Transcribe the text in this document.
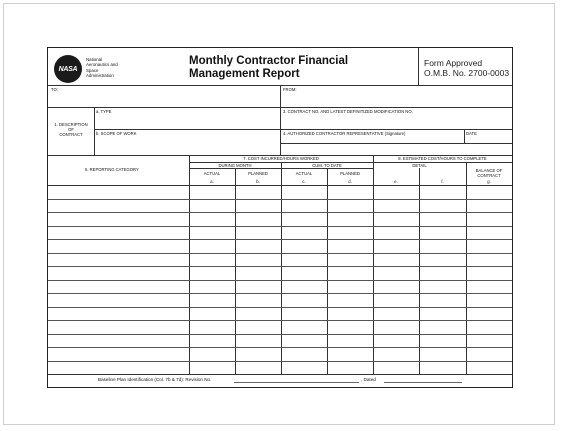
NASA
National
Aeronautics and
Space
Administration
Monthly Contractor Financial
Management Report
Form Approved
O.M.B. No. 2700-0003
TO:	FROM:
a. TYPE	3. CONTRACT NO. AND LATEST DEFINITIZED MODIFICATION NO.
1. DESCRIPTION
OF
CONTRACT	b. SCOPE OF WORK	4. AUTHORIZED CONTRACTOR REPRESENTATIVE (Signature)	DATE
5. REPORTING CATEGORY
7. COST INCURRED/HOURS WORKED	8. ESTIMATED COST/HOURS TO COMPLETE
DURING MONTH	CUM. TO DATE	DETAIL
BALANCE OF
CONTRACT
ACTUAL	PLANNED	ACTUAL	PLANNED
a.	b.	c.	d.	e.	f.	g.
Baseline Plan Identification (Col. 7b & 7d): Revision No.	, Dated
